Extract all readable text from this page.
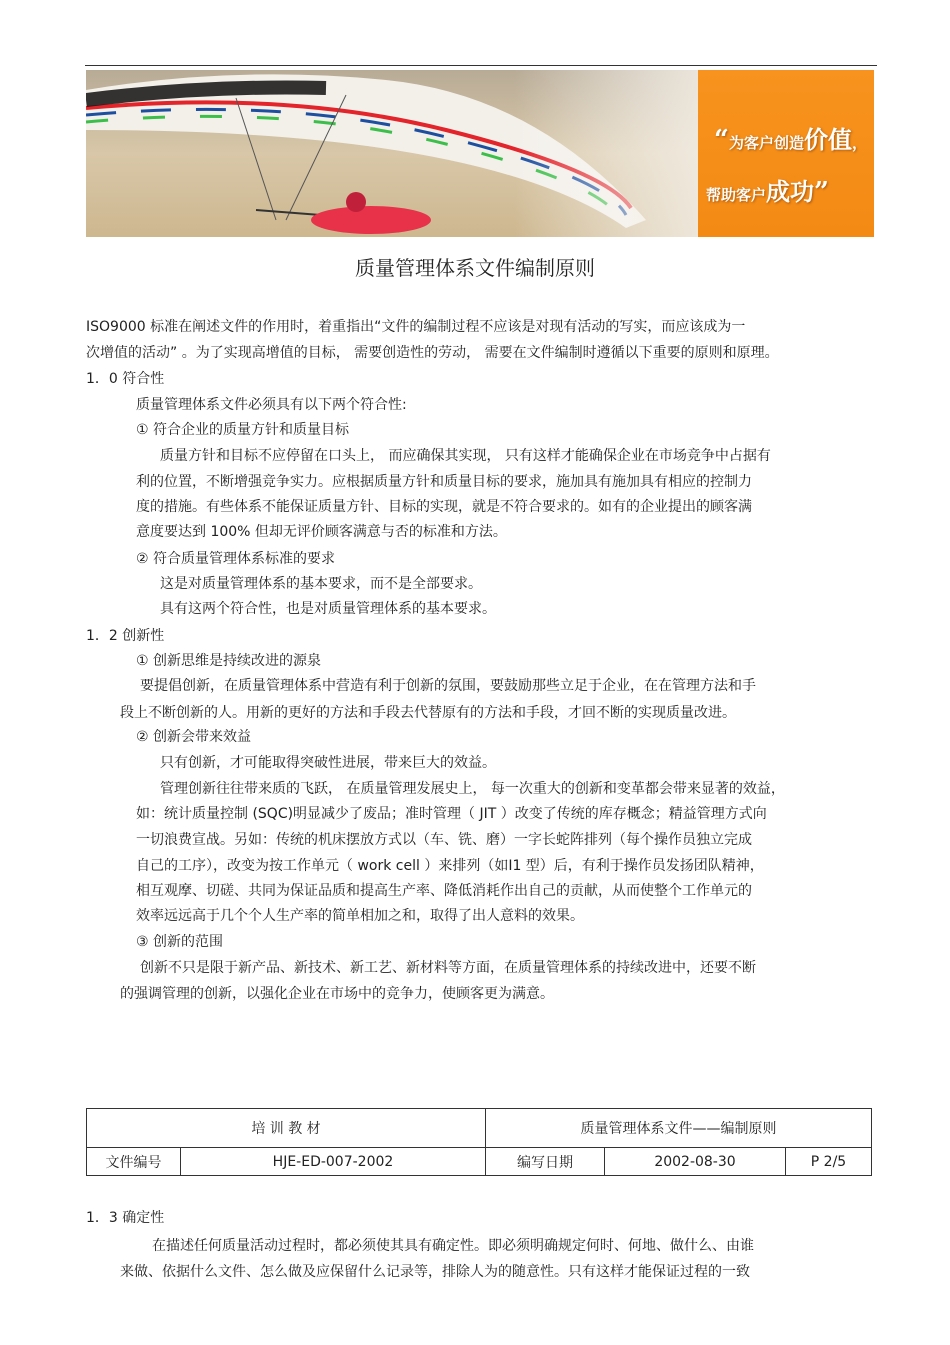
“为客户创造价值，
帮助客户成功”
质量管理体系文件编制原则
ISO9000 标准在阐述文件的作用时，着重指出“文件的编制过程不应该是对现有活动的写实，而应该成为一
次增值的活动” 。为了实现高增值的目标， 需要创造性的劳动， 需要在文件编制时遵循以下重要的原则和原理。
1．0 符合性
质量管理体系文件必须具有以下两个符合性:
① 符合企业的质量方针和质量目标
质量方针和目标不应停留在口头上， 而应确保其实现， 只有这样才能确保企业在市场竞争中占据有
利的位置，不断增强竞争实力。应根据质量方针和质量目标的要求，施加具有施加具有相应的控制力
度的措施。有些体系不能保证质量方针、目标的实现，就是不符合要求的。如有的企业提出的顾客满
意度要达到 100% 但却无评价顾客满意与否的标准和方法。
② 符合质量管理体系标准的要求
这是对质量管理体系的基本要求，而不是全部要求。
具有这两个符合性，也是对质量管理体系的基本要求。
1．2 创新性
① 创新思维是持续改进的源泉
要提倡创新，在质量管理体系中营造有利于创新的氛围，要鼓励那些立足于企业，在在管理方法和手
段上不断创新的人。用新的更好的方法和手段去代替原有的方法和手段，才回不断的实现质量改进。
② 创新会带来效益
只有创新，才可能取得突破性进展，带来巨大的效益。
管理创新往往带来质的飞跃， 在质量管理发展史上， 每一次重大的创新和变革都会带来显著的效益，
如：统计质量控制 (SQC)明显减少了废品；准时管理（ JIT ）改变了传统的库存概念；精益管理方式向
一切浪费宣战。另如：传统的机床摆放方式以（车、铣、磨）一字长蛇阵排列（每个操作员独立完成
自己的工序），改变为按工作单元（ work cell ）来排列（如I1 型）后，有利于操作员发扬团队精神，
相互观摩、切磋、共同为保证品质和提高生产率、降低消耗作出自己的贡献，从而使整个工作单元的
效率远远高于几个个人生产率的简单相加之和，取得了出人意料的效果。
③ 创新的范围
创新不只是限于新产品、新技术、新工艺、新材料等方面，在质量管理体系的持续改进中，还要不断
的强调管理的创新，以强化企业在市场中的竞争力，使顾客更为满意。
培 训 教 材		质量管理体系文件——编制原则		
文件编号	HJE-ED-007-2002	编写日期	2002-08-30	P 2/5
1．3 确定性
在描述任何质量活动过程时，都必须使其具有确定性。即必须明确规定何时、何地、做什么、由谁
来做、依据什么文件、怎么做及应保留什么记录等，排除人为的随意性。只有这样才能保证过程的一致
